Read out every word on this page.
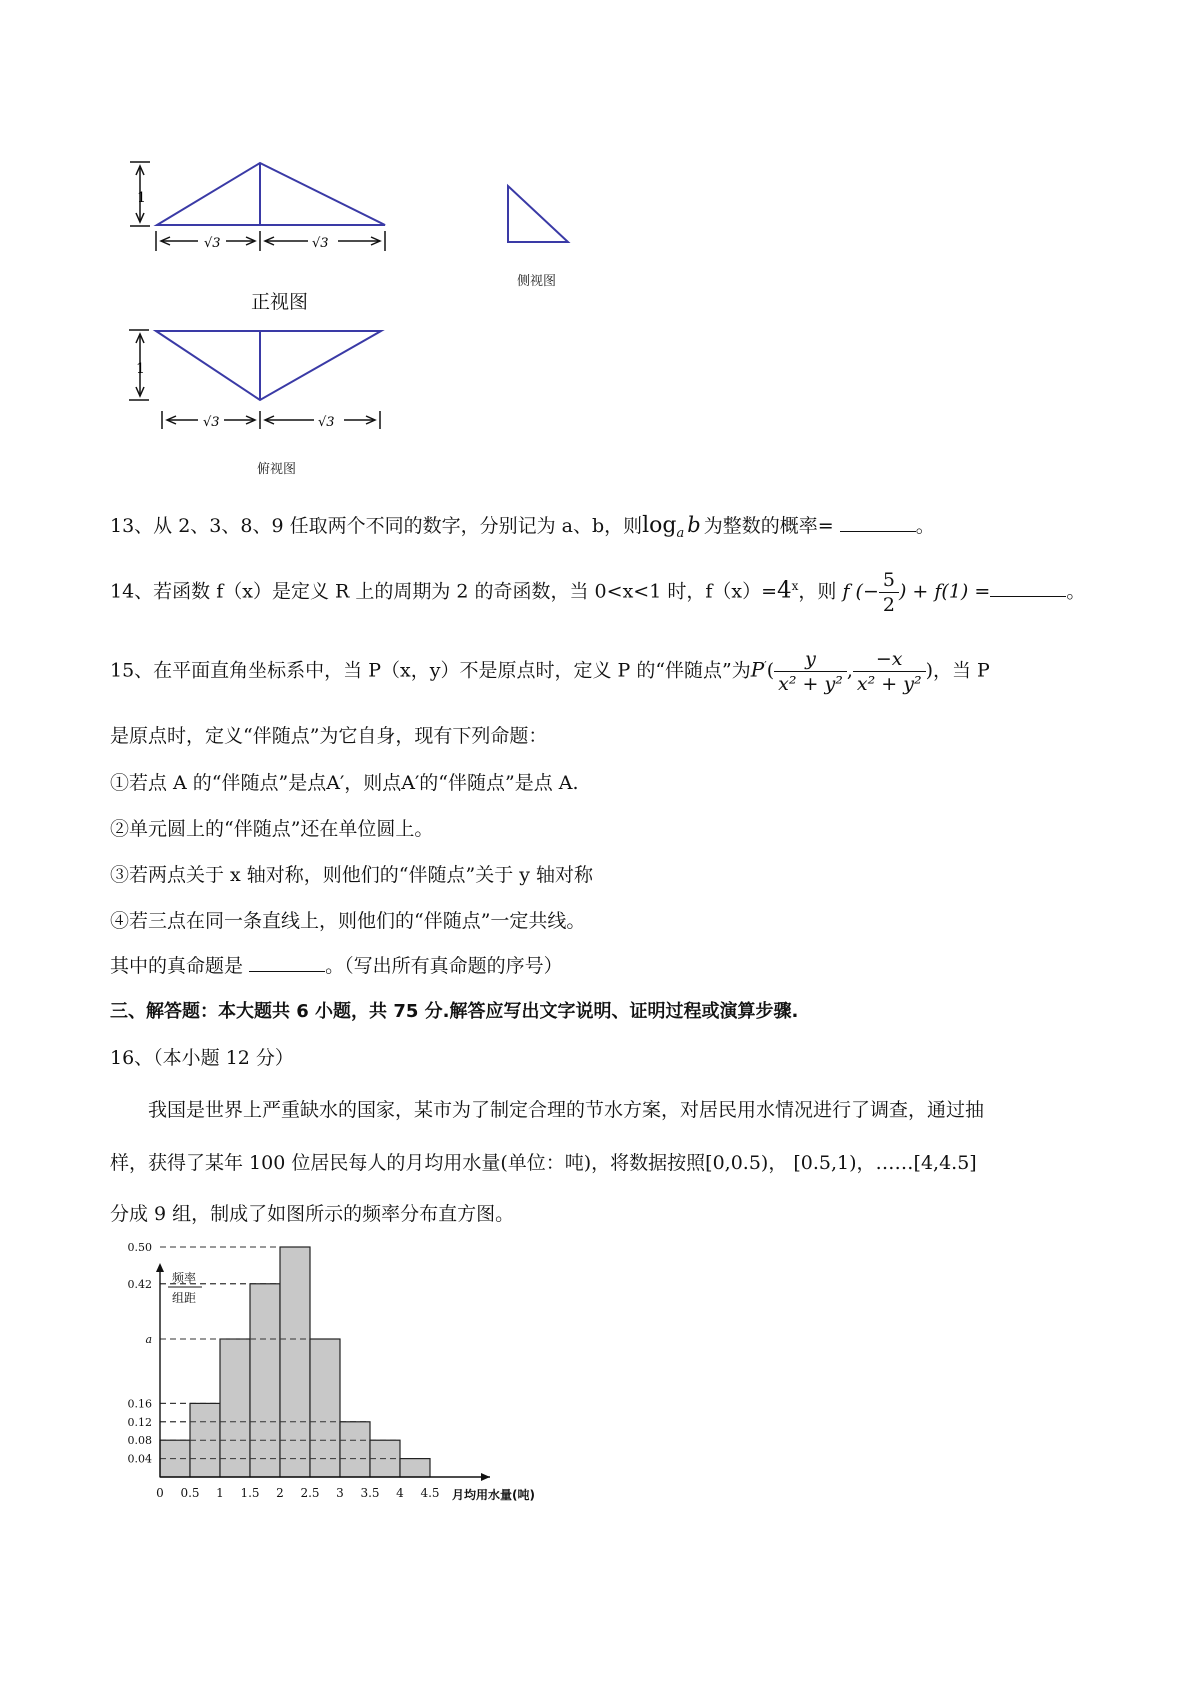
1
√3	√3
正视图
侧视图
1
√3	√3
俯视图
13、从 2、3、8、9 任取两个不同的数字，分别记为 a、b，则$\log_a b$ 为整数的概率=	。
14、若函数 f（x）是定义 R 上的周期为 2 的奇函数，当 0<x<1 时，$f(x)=4^x$，则 f (− $\frac{5}{2}$ ) + f(1) =	。
15、在平面直角坐标系中，当 P（x，y）不是原点时，定义 P 的“伴随点”为$P'( \frac{y}{\text{x² + y²}}$ , $\frac{-x}{\text{x² + y²}}$ )，当 P
是原点时，定义“伴随点”为它自身，现有下列命题：
①若点 A 的“伴随点”是点A′，则点A′的“伴随点”是点 A.
②单元圆上的“伴随点”还在单位圆上。
③若两点关于 x 轴对称，则他们的“伴随点”关于 y 轴对称
④若三点在同一条直线上，则他们的“伴随点”一定共线。
其中的真命题是	。（写出所有真命题的序号）
三、解答题：本大题共 6 小题，共 75 分.解答应写出文字说明、证明过程或演算步骤.
16、（本小题 12 分）
我国是世界上严重缺水的国家，某市为了制定合理的节水方案，对居民用水情况进行了调查，通过抽
样，获得了某年 100 位居民每人的月均用水量(单位：吨)，将数据按照[0,0.5)， [0.5,1)，……[4,4.5]
分成 9 组，制成了如图所示的频率分布直方图。
0.04
0.08
0.12
0.16
a
0.42
0.50
0 0.5 1 1.5 2 2.5 3 3.5 4 4.5
频率
组距
月均用水量(吨)
